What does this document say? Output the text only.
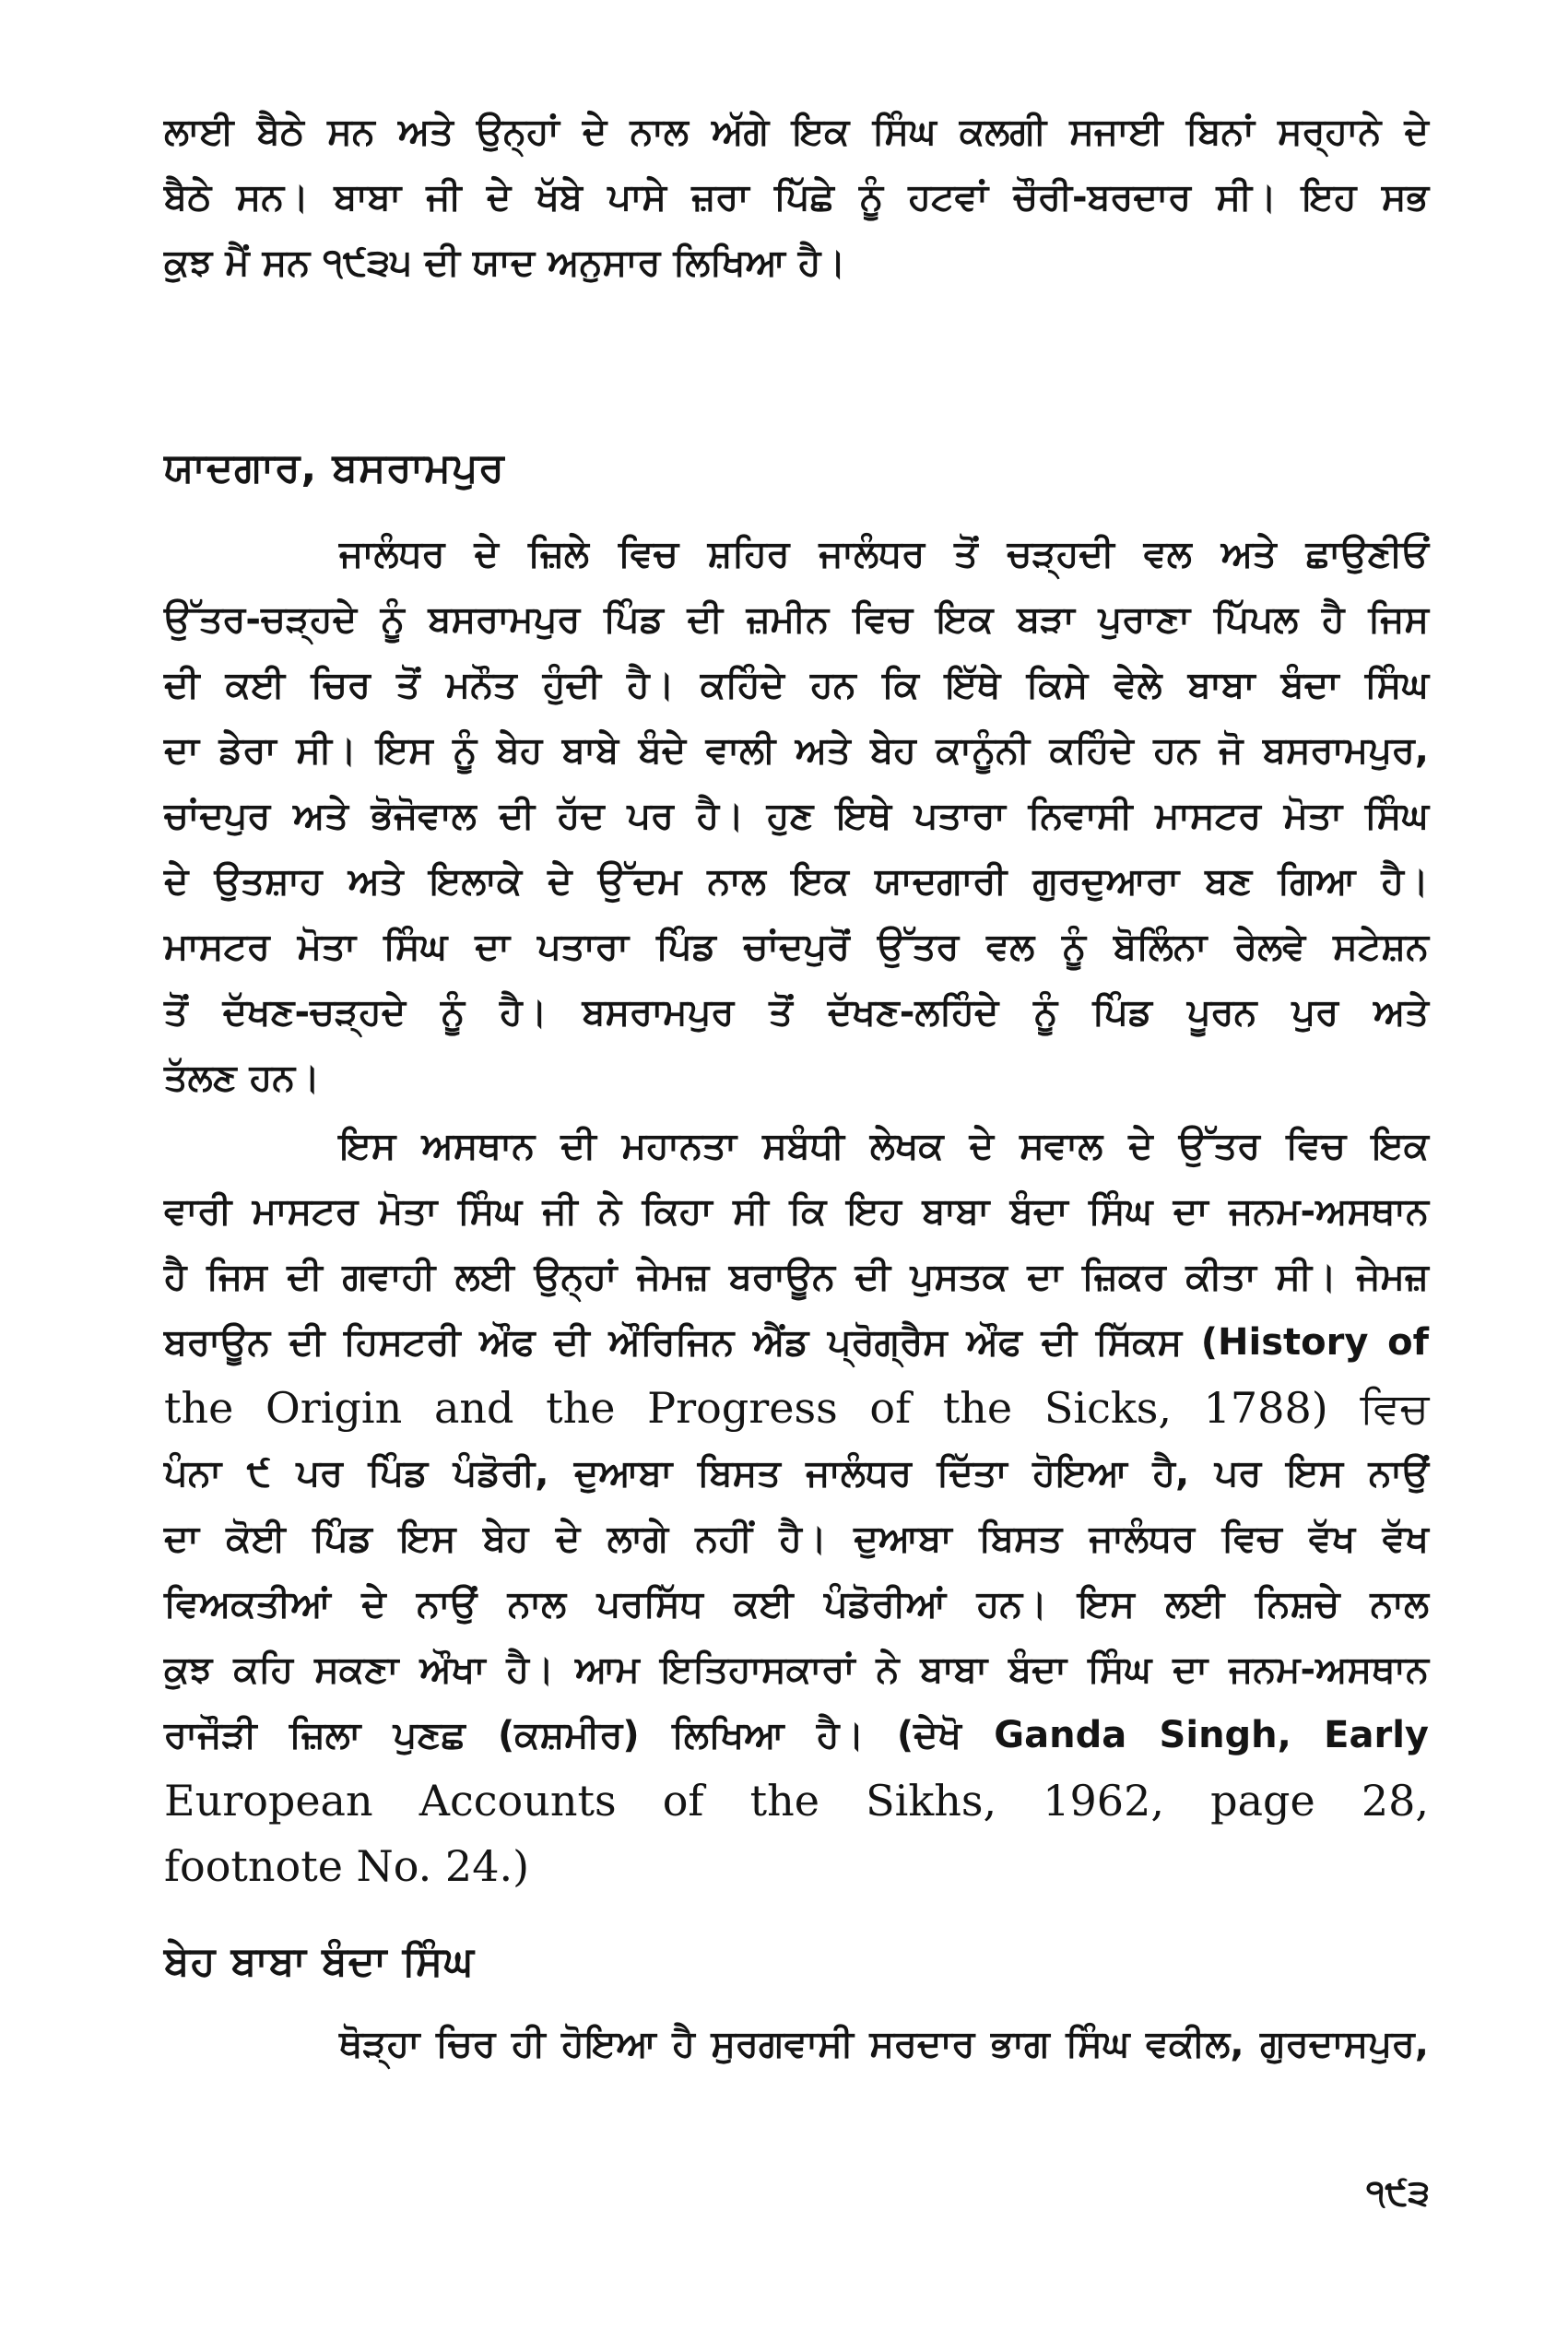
ਲਾਈ ਬੈਠੇ ਸਨ ਅਤੇ ਉਨ੍ਹਾਂ ਦੇ ਨਾਲ ਅੱਗੇ ਇਕ ਸਿੰਘ ਕਲਗੀ ਸਜਾਈ ਬਿਨਾਂ ਸਰ੍ਹਾਨੇ ਦੇ
ਬੈਠੇ ਸਨ। ਬਾਬਾ ਜੀ ਦੇ ਖੱਬੇ ਪਾਸੇ ਜ਼ਰਾ ਪਿੱਛੇ ਨੂੰ ਹਟਵਾਂ ਚੌਰੀ-ਬਰਦਾਰ ਸੀ। ਇਹ ਸਭ
ਕੁਝ ਮੈਂ ਸਨ ੧੯੩੫ ਦੀ ਯਾਦ ਅਨੁਸਾਰ ਲਿਖਿਆ ਹੈ।
ਯਾਦਗਾਰ, ਬਸਰਾਮਪੁਰ
ਜਾਲੰਧਰ ਦੇ ਜ਼ਿਲੇ ਵਿਚ ਸ਼ਹਿਰ ਜਾਲੰਧਰ ਤੋਂ ਚੜ੍ਹਦੀ ਵਲ ਅਤੇ ਛਾਉਣੀਓਂ
ਉੱਤਰ-ਚੜ੍ਹਦੇ ਨੂੰ ਬਸਰਾਮਪੁਰ ਪਿੰਡ ਦੀ ਜ਼ਮੀਨ ਵਿਚ ਇਕ ਬੜਾ ਪੁਰਾਣਾ ਪਿੱਪਲ ਹੈ ਜਿਸ
ਦੀ ਕਈ ਚਿਰ ਤੋਂ ਮਨੌਤ ਹੁੰਦੀ ਹੈ। ਕਹਿੰਦੇ ਹਨ ਕਿ ਇੱਥੇ ਕਿਸੇ ਵੇਲੇ ਬਾਬਾ ਬੰਦਾ ਸਿੰਘ
ਦਾ ਡੇਰਾ ਸੀ। ਇਸ ਨੂੰ ਬੇਹ ਬਾਬੇ ਬੰਦੇ ਵਾਲੀ ਅਤੇ ਬੇਹ ਕਾਨੂੰਨੀ ਕਹਿੰਦੇ ਹਨ ਜੋ ਬਸਰਾਮਪੁਰ,
ਚਾਂਦਪੁਰ ਅਤੇ ਭੋਜੋਵਾਲ ਦੀ ਹੱਦ ਪਰ ਹੈ। ਹੁਣ ਇਥੇ ਪਤਾਰਾ ਨਿਵਾਸੀ ਮਾਸਟਰ ਮੋਤਾ ਸਿੰਘ
ਦੇ ਉਤਸ਼ਾਹ ਅਤੇ ਇਲਾਕੇ ਦੇ ਉੱਦਮ ਨਾਲ ਇਕ ਯਾਦਗਾਰੀ ਗੁਰਦੁਆਰਾ ਬਣ ਗਿਆ ਹੈ।
ਮਾਸਟਰ ਮੋਤਾ ਸਿੰਘ ਦਾ ਪਤਾਰਾ ਪਿੰਡ ਚਾਂਦਪੁਰੋਂ ਉੱਤਰ ਵਲ ਨੂੰ ਬੋਲਿੰਨਾ ਰੇਲਵੇ ਸਟੇਸ਼ਨ
ਤੋਂ ਦੱਖਣ-ਚੜ੍ਹਦੇ ਨੂੰ ਹੈ। ਬਸਰਾਮਪੁਰ ਤੋਂ ਦੱਖਣ-ਲਹਿੰਦੇ ਨੂੰ ਪਿੰਡ ਪੂਰਨ ਪੁਰ ਅਤੇ
ਤੱਲਣ ਹਨ।
ਇਸ ਅਸਥਾਨ ਦੀ ਮਹਾਨਤਾ ਸਬੰਧੀ ਲੇਖਕ ਦੇ ਸਵਾਲ ਦੇ ਉੱਤਰ ਵਿਚ ਇਕ
ਵਾਰੀ ਮਾਸਟਰ ਮੋਤਾ ਸਿੰਘ ਜੀ ਨੇ ਕਿਹਾ ਸੀ ਕਿ ਇਹ ਬਾਬਾ ਬੰਦਾ ਸਿੰਘ ਦਾ ਜਨਮ-ਅਸਥਾਨ
ਹੈ ਜਿਸ ਦੀ ਗਵਾਹੀ ਲਈ ਉਨ੍ਹਾਂ ਜੇਮਜ਼ ਬਰਾਊਨ ਦੀ ਪੁਸਤਕ ਦਾ ਜ਼ਿਕਰ ਕੀਤਾ ਸੀ। ਜੇਮਜ਼
ਬਰਾਊਨ ਦੀ ਹਿਸਟਰੀ ਔਫ ਦੀ ਔਰਿਜਿਨ ਐਂਡ ਪ੍ਰੋਗ੍ਰੈਸ ਔਫ ਦੀ ਸਿੱਕਸ (History of
the Origin and the Progress of the Sicks, 1788) ਵਿਚ
ਪੰਨਾ ੯ ਪਰ ਪਿੰਡ ਪੰਡੋਰੀ, ਦੁਆਬਾ ਬਿਸਤ ਜਾਲੰਧਰ ਦਿੱਤਾ ਹੋਇਆ ਹੈ, ਪਰ ਇਸ ਨਾਉਂ
ਦਾ ਕੋਈ ਪਿੰਡ ਇਸ ਬੇਹ ਦੇ ਲਾਗੇ ਨਹੀਂ ਹੈ। ਦੁਆਬਾ ਬਿਸਤ ਜਾਲੰਧਰ ਵਿਚ ਵੱਖ ਵੱਖ
ਵਿਅਕਤੀਆਂ ਦੇ ਨਾਉਂ ਨਾਲ ਪਰਸਿੱਧ ਕਈ ਪੰਡੋਰੀਆਂ ਹਨ। ਇਸ ਲਈ ਨਿਸ਼ਚੇ ਨਾਲ
ਕੁਝ ਕਹਿ ਸਕਣਾ ਔਖਾ ਹੈ। ਆਮ ਇਤਿਹਾਸਕਾਰਾਂ ਨੇ ਬਾਬਾ ਬੰਦਾ ਸਿੰਘ ਦਾ ਜਨਮ-ਅਸਥਾਨ
ਰਾਜੌੜੀ ਜ਼ਿਲਾ ਪੁਣਛ (ਕਸ਼ਮੀਰ) ਲਿਖਿਆ ਹੈ। (ਦੇਖੋ Ganda Singh, Early
European Accounts of the Sikhs, 1962, page 28,
footnote No. 24.)
ਬੇਹ ਬਾਬਾ ਬੰਦਾ ਸਿੰਘ
ਥੋੜ੍ਹਾ ਚਿਰ ਹੀ ਹੋਇਆ ਹੈ ਸੁਰਗਵਾਸੀ ਸਰਦਾਰ ਭਾਗ ਸਿੰਘ ਵਕੀਲ, ਗੁਰਦਾਸਪੁਰ,
੧੯੩
